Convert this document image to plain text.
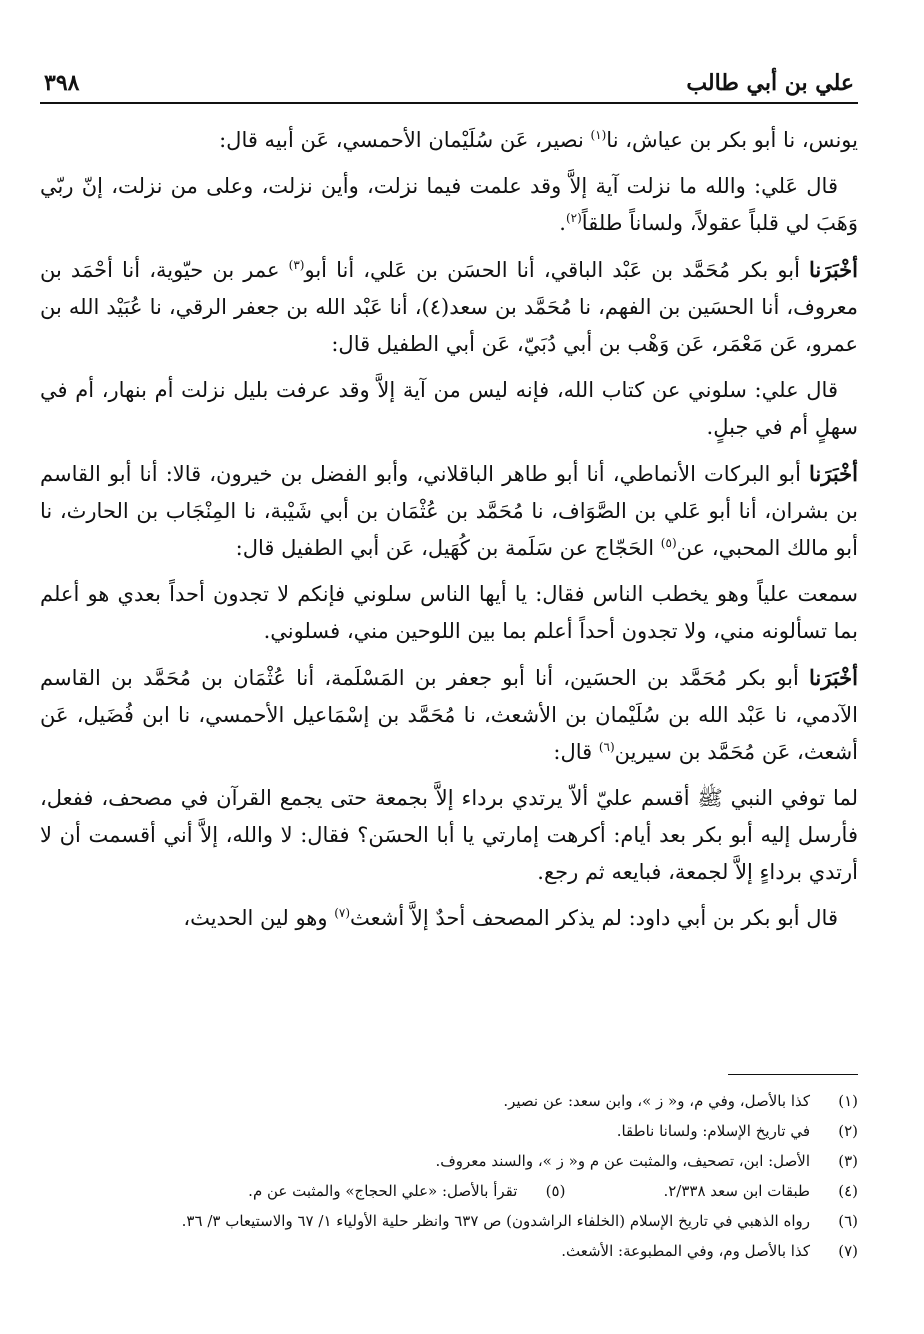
علي بن أبي طالب
٣٩٨

يونس، نا أبو بكر بن عياش، نا$^{(١)}$ نصير، عَن سُلَيْمان الأحمسي، عَن أبيه قال:

قال عَلي: والله ما نزلت آية إلاَّ وقد علمت فيما نزلت، وأين نزلت، وعلى من نزلت، إنّ ربّي وَهَبَ لي قلباً عقولاً، ولساناً طلقاً$^{(٢)}$.

أخْبَرَنا أبو بكر مُحَمَّد بن عَبْد الباقي، أنا الحسَن بن عَلي، أنا أبو$^{(٣)}$ عمر بن حيّوية، أنا أحْمَد بن معروف، أنا الحسَين بن الفهم، نا مُحَمَّد بن سعد(٤)، أنا عَبْد الله بن جعفر الرقي، نا عُبَيْد الله بن عمرو، عَن مَعْمَر، عَن وَهْب بن أبي دُبَيّ، عَن أبي الطفيل قال:

قال علي: سلوني عن كتاب الله، فإنه ليس من آية إلاَّ وقد عرفت بليل نزلت أم بنهار، أم في سهلٍ أم في جبلٍ.

أخْبَرَنا أبو البركات الأنماطي، أنا أبو طاهر الباقلاني، وأبو الفضل بن خيرون، قالا: أنا أبو القاسم بن بشران، أنا أبو عَلي بن الصَّوَاف، نا مُحَمَّد بن عُثْمَان بن أبي شَيْبة، نا المِنْجَاب بن الحارث، نا أبو مالك المحبي، عن$^{(٥)}$ الحَجّاج عن سَلَمة بن كُهَيل، عَن أبي الطفيل قال:

سمعت علياً وهو يخطب الناس فقال: يا أيها الناس سلوني فإنكم لا تجدون أحداً بعدي هو أعلم بما تسألونه مني، ولا تجدون أحداً أعلم بما بين اللوحين مني، فسلوني.

أخْبَرَنا أبو بكر مُحَمَّد بن الحسَين، أنا أبو جعفر بن المَسْلَمة، أنا عُثْمَان بن مُحَمَّد بن القاسم الآدمي، نا عَبْد الله بن سُلَيْمان بن الأشعث، نا مُحَمَّد بن إسْمَاعيل الأحمسي، نا ابن فُضَيل، عَن أشعث، عَن مُحَمَّد بن سيرين$^{(٦)}$ قال:

لما توفي النبي ﷺ أقسم عليّ ألاّ يرتدي برداء إلاَّ بجمعة حتى يجمع القرآن في مصحف، ففعل، فأرسل إليه أبو بكر بعد أيام: أكرهت إمارتي يا أبا الحسَن؟ فقال: لا والله، إلاَّ أني أقسمت أن لا أرتدي برداءٍ إلاَّ لجمعة، فبايعه ثم رجع.

قال أبو بكر بن أبي داود: لم يذكر المصحف أحدٌ إلاَّ أشعث$^{(٧)}$ وهو لين الحديث،

(١)
كذا بالأصل، وفي م، و« ز »، وابن سعد: عن نصير.
(٢)
في تاريخ الإسلام: ولسانا ناطقا.
(٣)
الأصل: ابن، تصحيف، والمثبت عن م و« ز »، والسند معروف.
(٤)
طبقات ابن سعد ٢/٣٣٨.
(٥)
تقرأ بالأصل: «علي الحجاج» والمثبت عن م.
(٦)
رواه الذهبي في تاريخ الإسلام (الخلفاء الراشدون) ص ٦٣٧ وانظر حلية الأولياء ١/ ٦٧ والاستيعاب ٣/ ٣٦.
(٧)
كذا بالأصل وم، وفي المطبوعة: الأشعث.
